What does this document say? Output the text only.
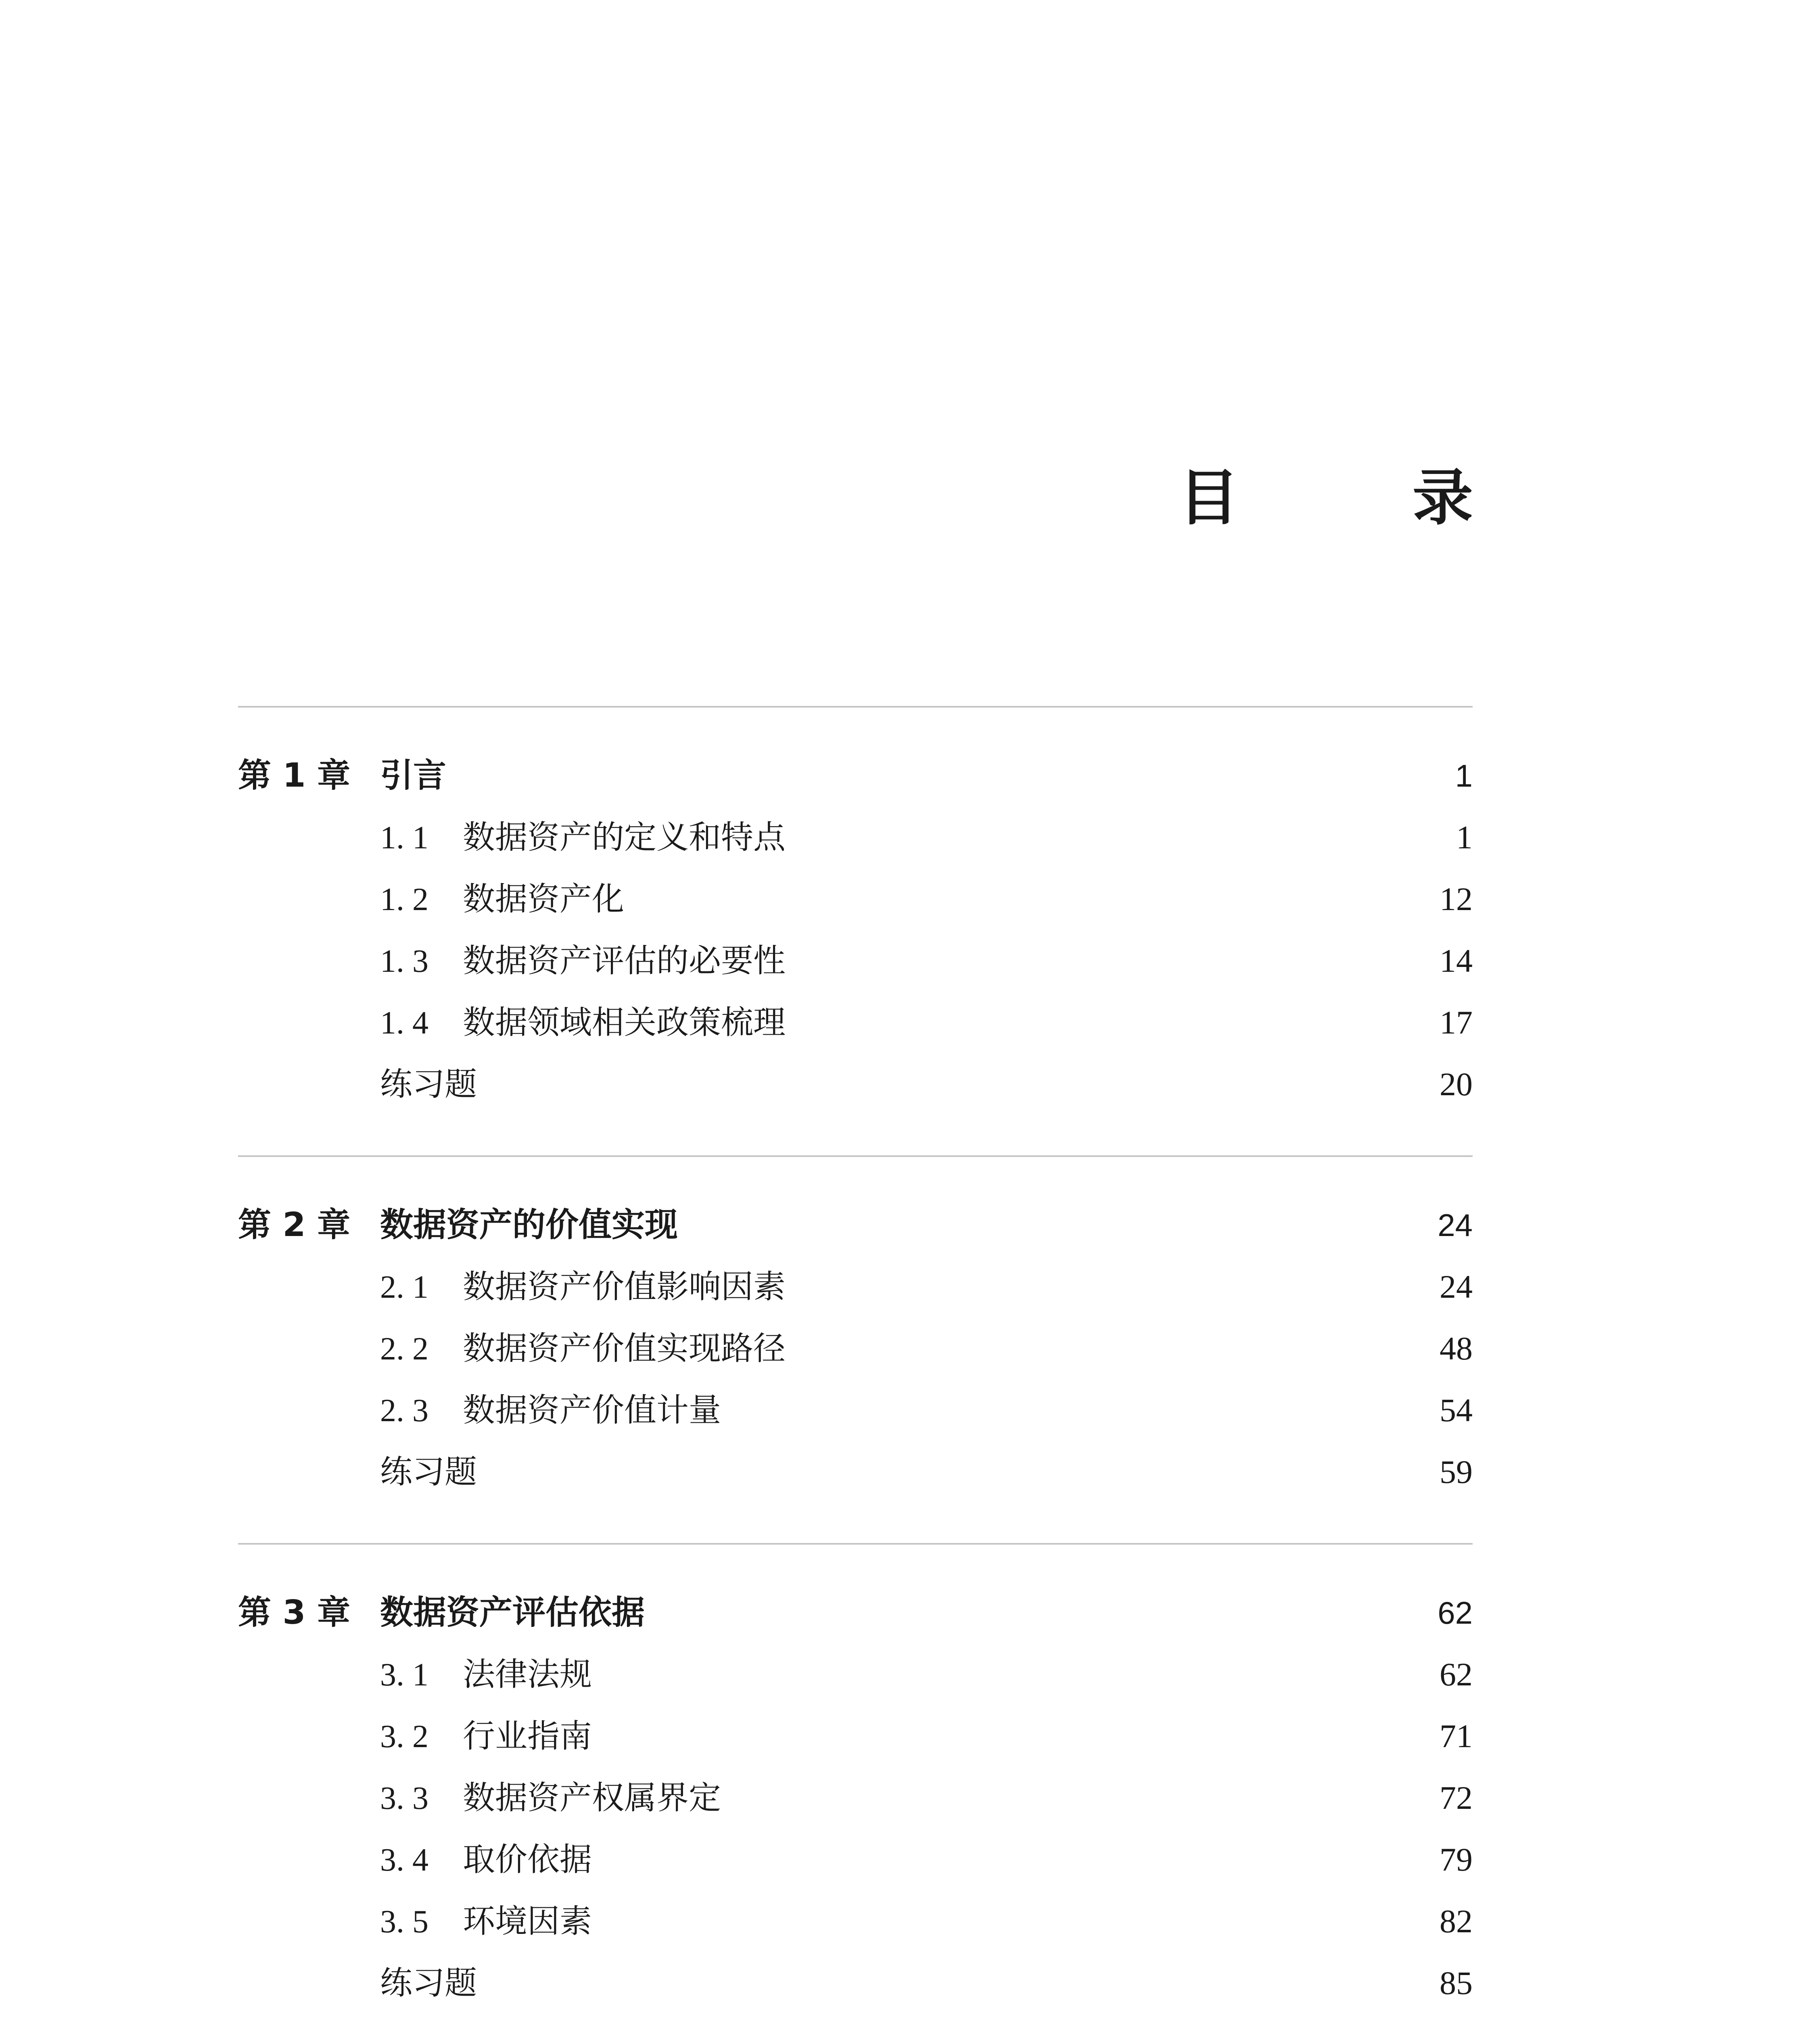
目　录
第 1 章 引言	1
1. 1	数据资产的定义和特点	1
1. 2	数据资产化	12
1. 3	数据资产评估的必要性	14
1. 4	数据领域相关政策梳理	17
练习题	20
第 2 章 数据资产的价值实现	24
2. 1	数据资产价值影响因素	24
2. 2	数据资产价值实现路径	48
2. 3	数据资产价值计量	54
练习题	59
第 3 章 数据资产评估依据	62
3. 1	法律法规	62
3. 2	行业指南	71
3. 3	数据资产权属界定	72
3. 4	取价依据	79
3. 5	环境因素	82
练习题	85
